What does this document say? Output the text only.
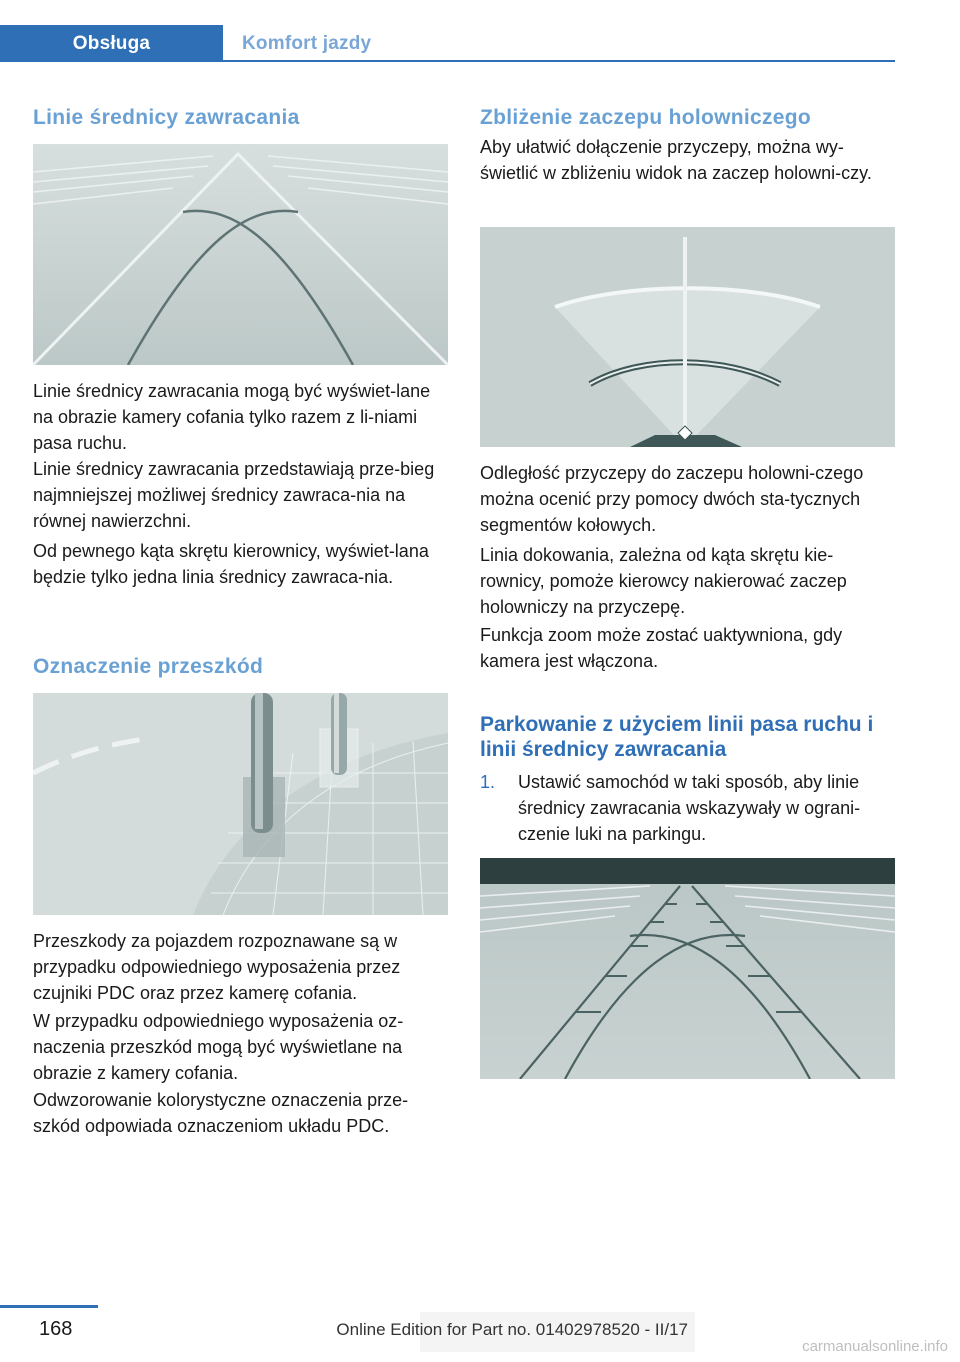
Obsługa	Komfort jazdy
Linie średnicy zawracania

Linie średnicy zawracania mogą być wyświet-lane na obrazie kamery cofania tylko razem z li-niami pasa ruchu.

Linie średnicy zawracania przedstawiają prze-bieg najmniejszej możliwej średnicy zawraca-nia na równej nawierzchni.

Od pewnego kąta skrętu kierownicy, wyświet-lana będzie tylko jedna linia średnicy zawraca-nia.

Oznaczenie przeszkód

Przeszkody za pojazdem rozpoznawane są w przypadku odpowiedniego wyposażenia przez czujniki PDC oraz przez kamerę cofania.

W przypadku odpowiedniego wyposażenia oz-naczenia przeszkód mogą być wyświetlane na obrazie z kamery cofania.

Odwzorowanie kolorystyczne oznaczenia prze-szkód odpowiada oznaczeniom układu PDC.

Zbliżenie zaczepu holowniczego

Aby ułatwić dołączenie przyczepy, można wy-świetlić w zbliżeniu widok na zaczep holowni-czy.

Odległość przyczepy do zaczepu holowni-czego można ocenić przy pomocy dwóch sta-tycznych segmentów kołowych.

Linia dokowania, zależna od kąta skrętu kie-rownicy, pomoże kierowcy nakierować zaczep holowniczy na przyczepę.

Funkcja zoom może zostać uaktywniona, gdy kamera jest włączona.

Parkowanie z użyciem linii pasa ruchu i linii średnicy zawracania
1. Ustawić samochód w taki sposób, aby linie średnicy zawracania wskazywały w ograni-czenie luki na parkingu.
168	Online Edition for Part no. 01402978520 - II/17
carmanualsonline.info
